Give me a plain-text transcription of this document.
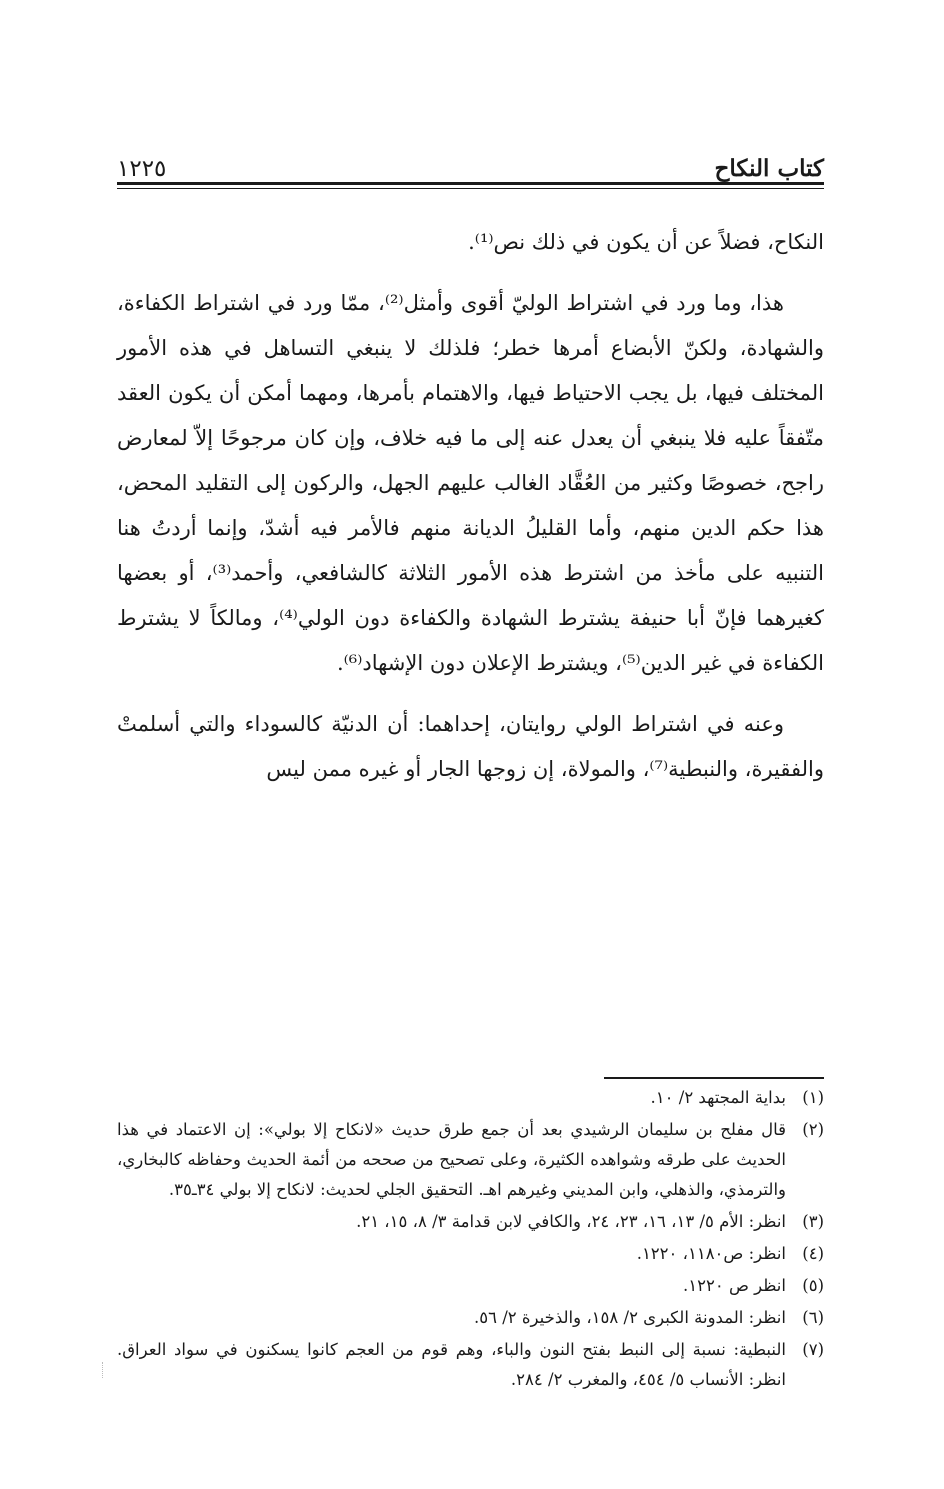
١٢٢٥	كتاب النكاح

النكاح، فضلاً عن أن يكون في ذلك نص⁽¹⁾.

هذا، وما ورد في اشتراط الوليّ أقوى وأمثل⁽²⁾، ممّا ورد في اشتراط الكفاءة، والشهادة، ولكنّ الأبضاع أمرها خطر؛ فلذلك لا ينبغي التساهل في هذه الأمور المختلف فيها، بل يجب الاحتياط فيها، والاهتمام بأمرها، ومهما أمكن أن يكون العقد متّفقاً عليه فلا ينبغي أن يعدل عنه إلى ما فيه خلاف، وإن كان مرجوحًا إلاّ لمعارض راجح، خصوصًا وكثير من العُقَّاد الغالب عليهم الجهل، والركون إلى التقليد المحض، هذا حكم الدين منهم، وأما القليلُ الديانة منهم فالأمر فيه أشدّ، وإنما أردتُ هنا التنبيه على مأخذ من اشترط هذه الأمور الثلاثة كالشافعي، وأحمد⁽³⁾، أو بعضها كغيرهما فإنّ أبا حنيفة يشترط الشهادة والكفاءة دون الولي⁽⁴⁾، ومالكاً لا يشترط الكفاءة في غير الدين⁽⁵⁾، ويشترط الإعلان دون الإشهاد⁽⁶⁾.

وعنه في اشتراط الولي روايتان، إحداهما: أن الدنيّة كالسوداء والتي أسلمتْ والفقيرة، والنبطية⁽⁷⁾، والمولاة، إن زوجها الجار أو غيره ممن ليس

(١)
بداية المجتهد ٢/ ١٠.
(٢)
قال مفلح بن سليمان الرشيدي بعد أن جمع طرق حديث «لانكاح إلا بولي»: إن الاعتماد في هذا الحديث على طرقه وشواهده الكثيرة، وعلى تصحيح من صححه من أئمة الحديث وحفاظه كالبخاري، والترمذي، والذهلي، وابن المديني وغيرهم اهـ. التحقيق الجلي لحديث: لانكاح إلا بولي ٣٤ـ٣٥.
(٣)
انظر: الأم ٥/ ١٣، ١٦، ٢٣، ٢٤، والكافي لابن قدامة ٣/ ٨، ١٥، ٢١.
(٤)
انظر: ص١١٨٠، ١٢٢٠.
(٥)
انظر ص ١٢٢٠.
(٦)
انظر: المدونة الكبرى ٢/ ١٥٨، والذخيرة ٢/ ٥٦.
(٧)
النبطية: نسبة إلى النبط بفتح النون والباء، وهم قوم من العجم كانوا يسكنون في سواد العراق. انظر: الأنساب ٥/ ٤٥٤، والمغرب ٢/ ٢٨٤.
